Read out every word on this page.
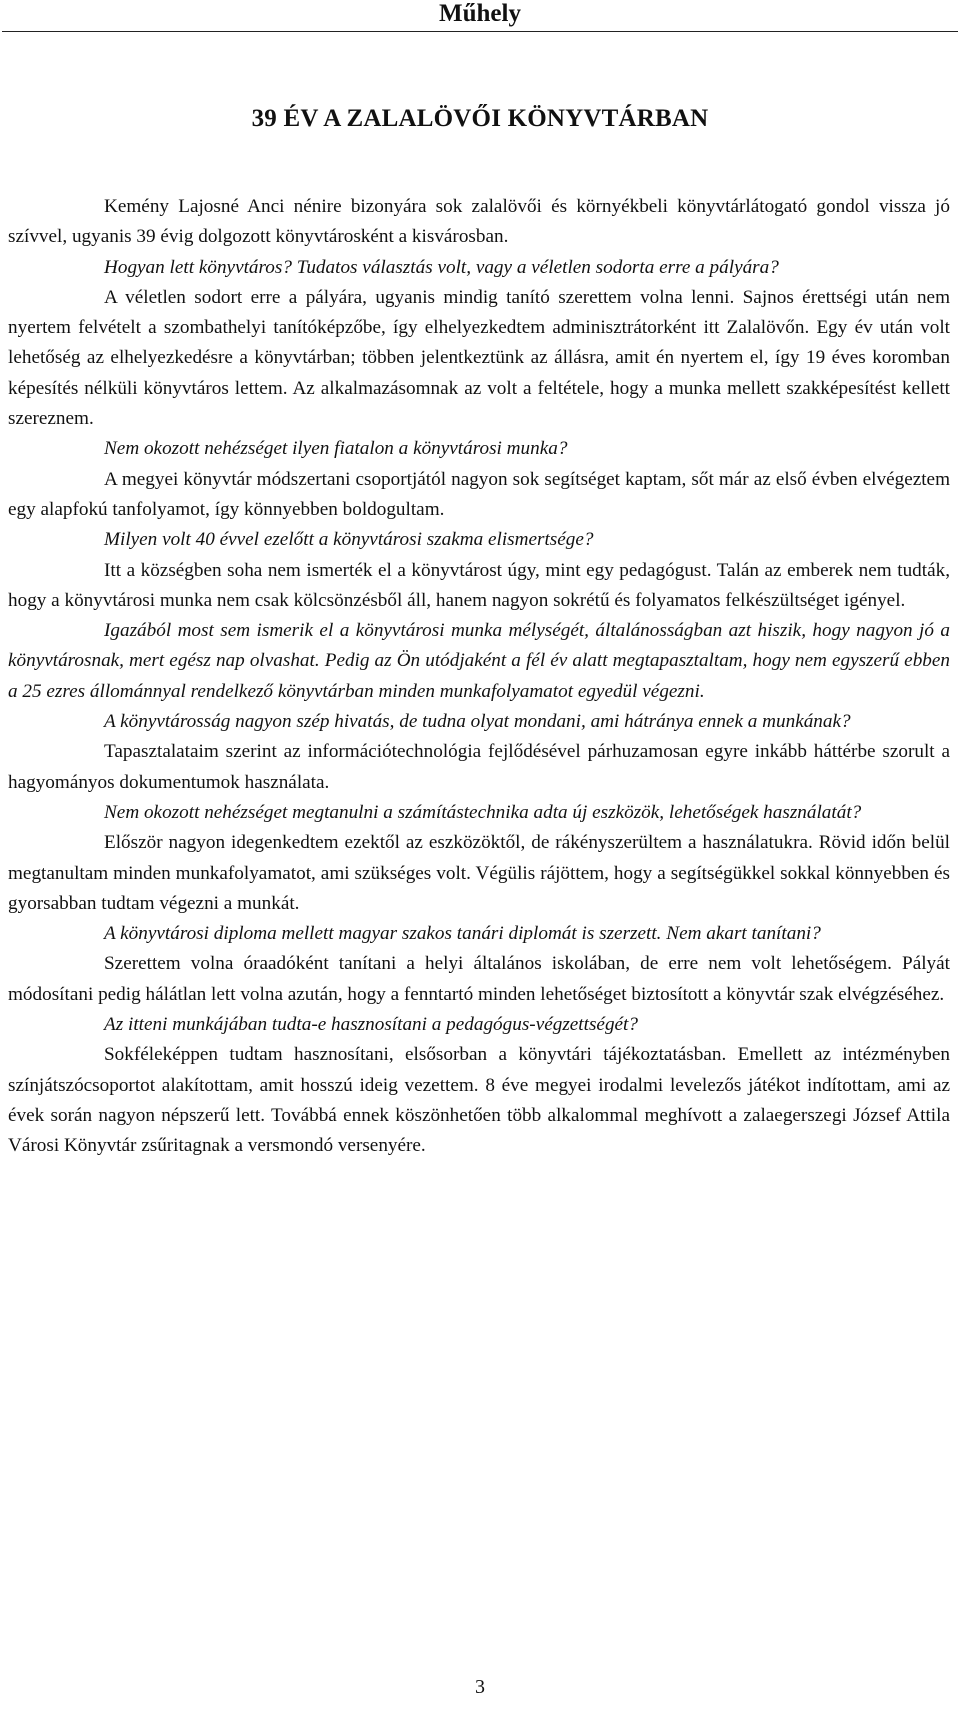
Műhely
39 ÉV A ZALALÖVŐI KÖNYVTÁRBAN

Kemény Lajosné Anci nénire bizonyára sok zalalövői és környékbeli könyvtárlátogató gondol vissza jó szívvel, ugyanis 39 évig dolgozott könyvtárosként a kisvárosban.

Hogyan lett könyvtáros? Tudatos választás volt, vagy a véletlen sodorta erre a pályára?

A véletlen sodort erre a pályára, ugyanis mindig tanító szerettem volna lenni. Sajnos érettségi után nem nyertem felvételt a szombathelyi tanítóképzőbe, így elhelyezkedtem adminisztrátorként itt Zalalövőn. Egy év után volt lehetőség az elhelyezkedésre a könyvtárban; többen jelentkeztünk az állásra, amit én nyertem el, így 19 éves koromban képesítés nélküli könyvtáros lettem. Az alkalmazásomnak az volt a feltétele, hogy a munka mellett szakképesítést kellett szereznem.

Nem okozott nehézséget ilyen fiatalon a könyvtárosi munka?

A megyei könyvtár módszertani csoportjától nagyon sok segítséget kaptam, sőt már az első évben elvégeztem egy alapfokú tanfolyamot, így könnyebben boldogultam.

Milyen volt 40 évvel ezelőtt a könyvtárosi szakma elismertsége?

Itt a községben soha nem ismerték el a könyvtárost úgy, mint egy pedagógust. Talán az emberek nem tudták, hogy a könyvtárosi munka nem csak kölcsönzésből áll, hanem nagyon sokrétű és folyamatos felkészültséget igényel.

Igazából most sem ismerik el a könyvtárosi munka mélységét, általánosságban azt hiszik, hogy nagyon jó a könyvtárosnak, mert egész nap olvashat. Pedig az Ön utódjaként a fél év alatt megtapasztaltam, hogy nem egyszerű ebben a 25 ezres állománnyal rendelkező könyvtárban minden munkafolyamatot egyedül végezni.

A könyvtárosság nagyon szép hivatás, de tudna olyat mondani, ami hátránya ennek a munkának?

Tapasztalataim szerint az információtechnológia fejlődésével párhuzamosan egyre inkább háttérbe szorult a hagyományos dokumentumok használata.

Nem okozott nehézséget megtanulni a számítástechnika adta új eszközök, lehetőségek használatát?

Először nagyon idegenkedtem ezektől az eszközöktől, de rákényszerültem a használatukra. Rövid időn belül megtanultam minden munkafolyamatot, ami szükséges volt. Végülis rájöttem, hogy a segítségükkel sokkal könnyebben és gyorsabban tudtam végezni a munkát.

A könyvtárosi diploma mellett magyar szakos tanári diplomát is szerzett. Nem akart tanítani?

Szerettem volna óraadóként tanítani a helyi általános iskolában, de erre nem volt lehetőségem. Pályát módosítani pedig hálátlan lett volna azután, hogy a fenntartó minden lehetőséget biztosított a könyvtár szak elvégzéséhez.

Az itteni munkájában tudta-e hasznosítani a pedagógus-végzettségét?

Sokféleképpen tudtam hasznosítani, elsősorban a könyvtári tájékoztatásban. Emellett az intézményben színjátszócsoportot alakítottam, amit hosszú ideig vezettem. 8 éve megyei irodalmi levelezős játékot indítottam, ami az évek során nagyon népszerű lett. Továbbá ennek köszönhetően több alkalommal meghívott a zalaegerszegi József Attila Városi Könyvtár zsűritagnak a versmondó versenyére.

3
